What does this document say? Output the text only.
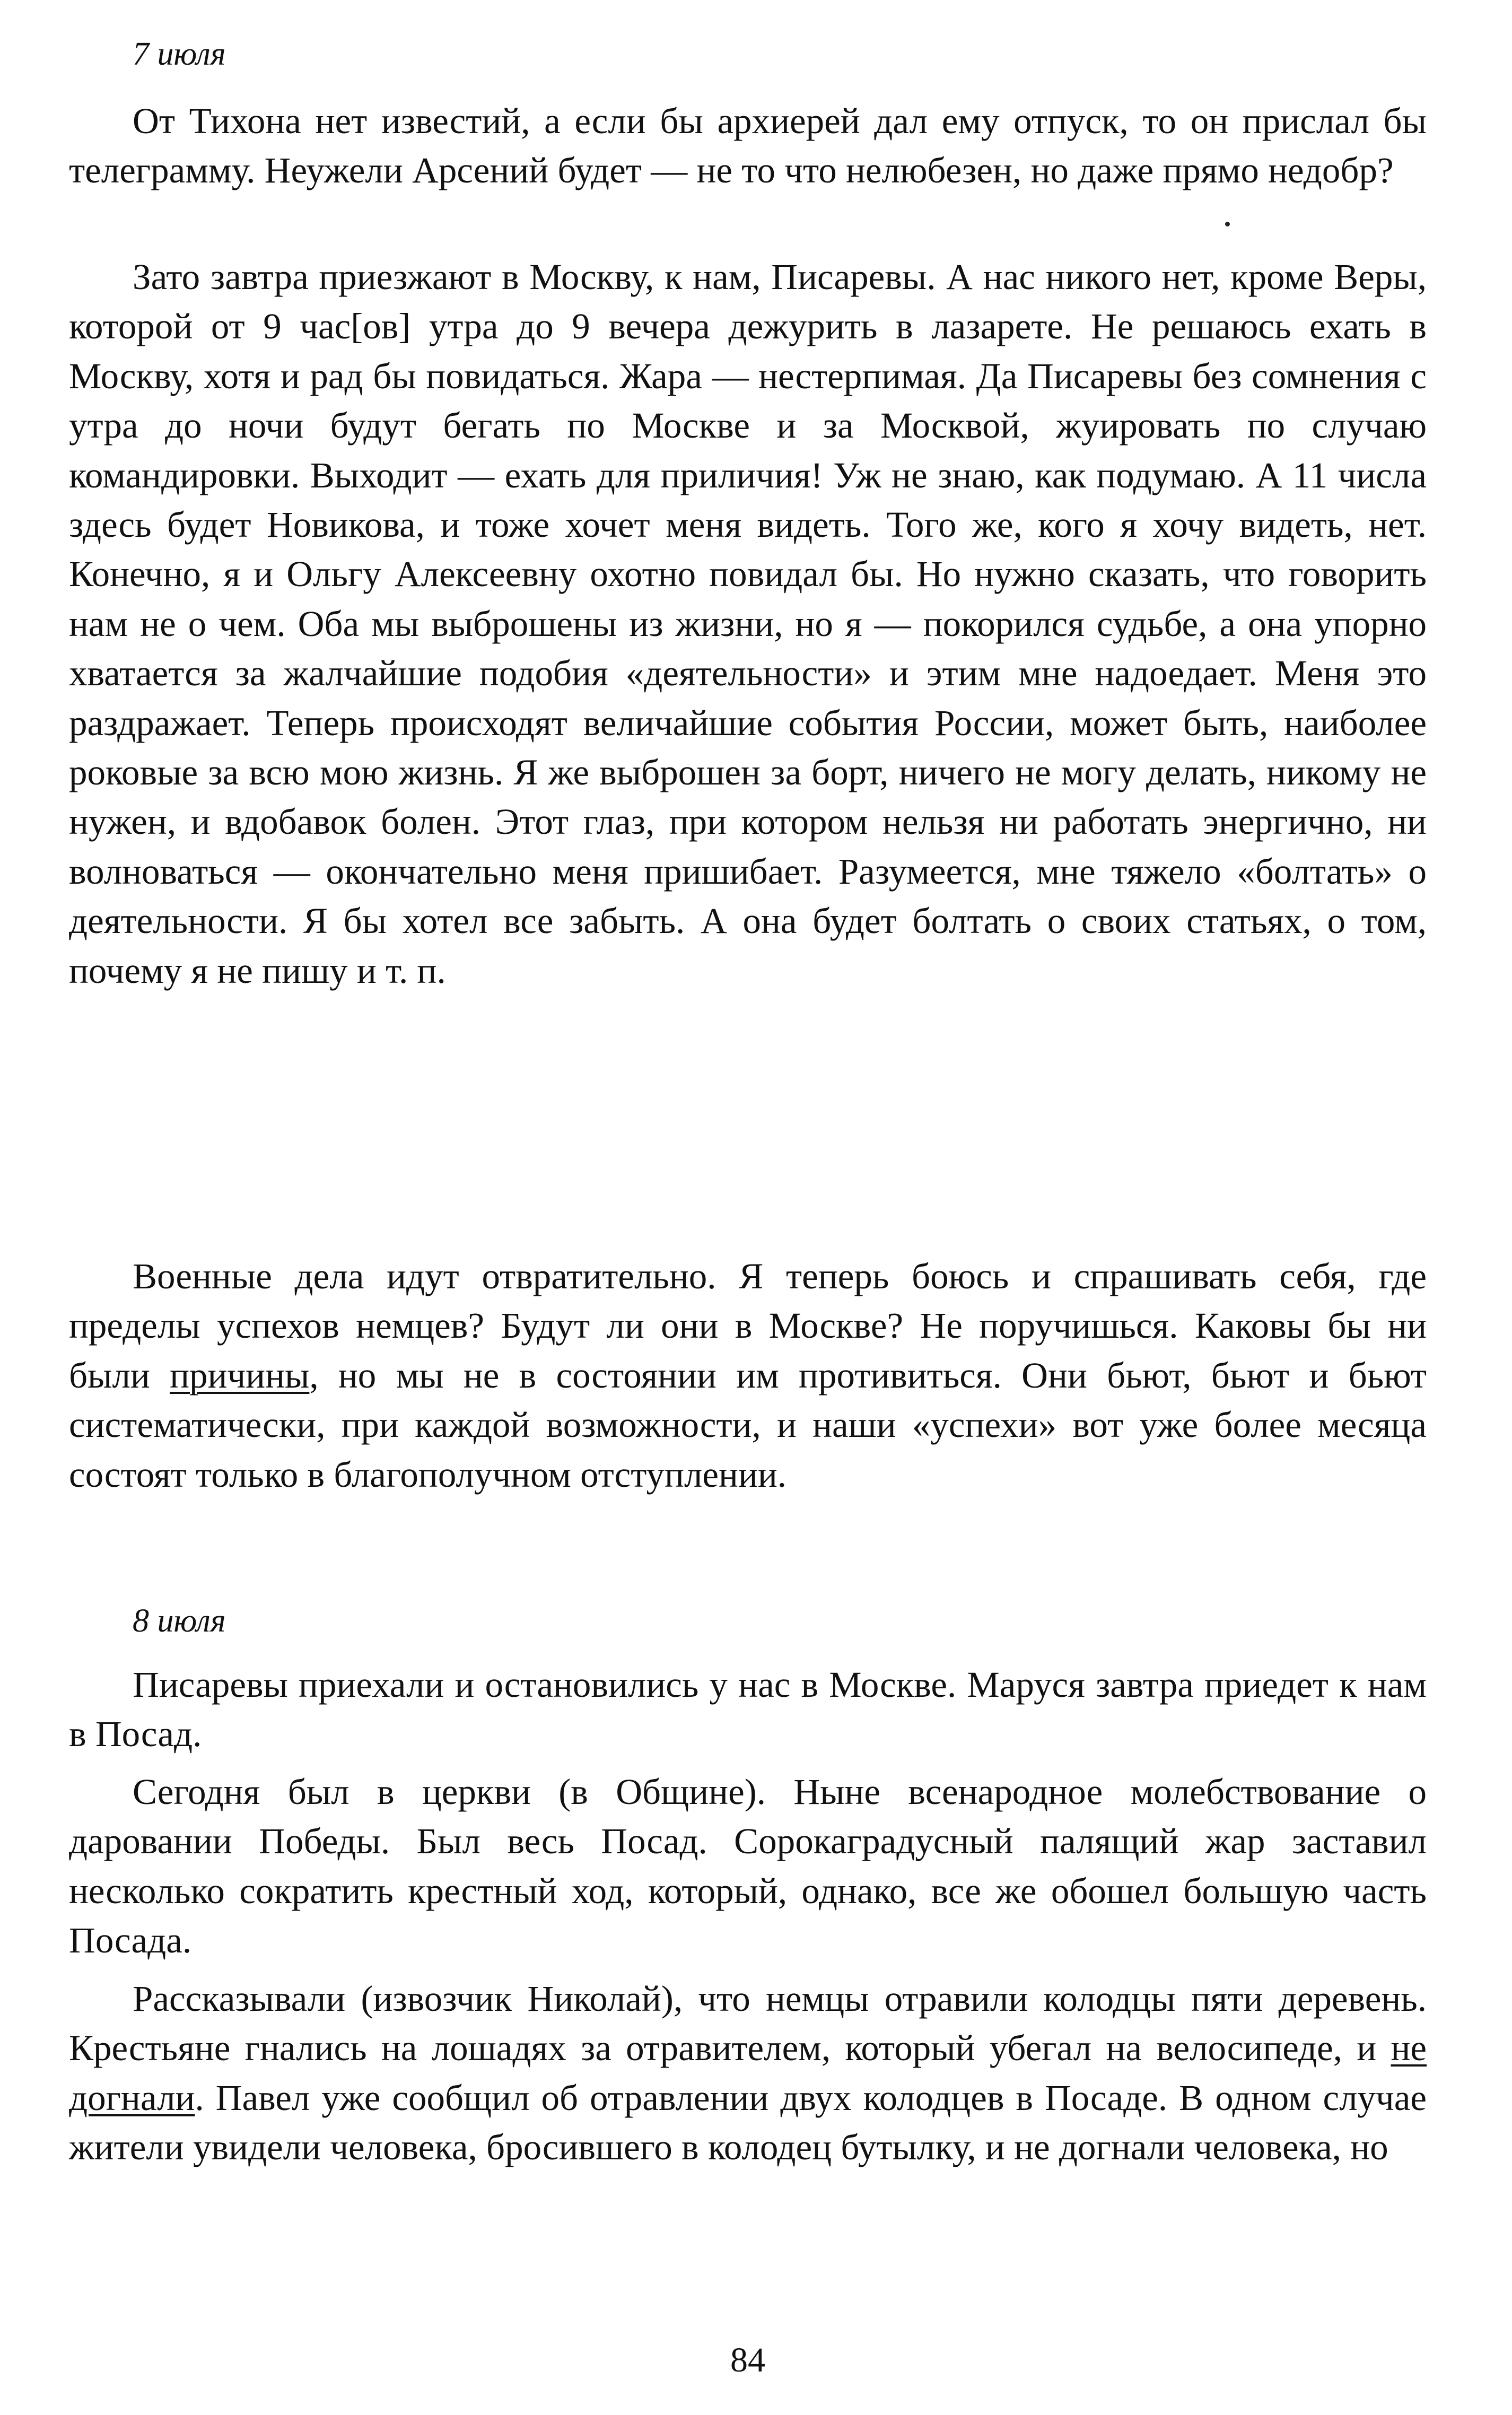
7 июля

От Тихона нет известий, а если бы архиерей дал ему отпуск, то он прислал бы телеграмму. Неужели Арсений будет — не то что нелюбезен, но даже прямо недобр?

Зато завтра приезжают в Москву, к нам, Писаревы. А нас никого нет, кроме Веры, которой от 9 час[ов] утра до 9 вечера дежурить в лазарете. Не решаюсь ехать в Москву, хотя и рад бы повидаться. Жара — нестерпимая. Да Писаревы без сомнения с утра до ночи будут бегать по Москве и за Москвой, жуировать по случаю командировки. Выходит — ехать для приличия! Уж не знаю, как подумаю. А 11 числа здесь будет Новикова, и тоже хочет меня видеть. Того же, кого я хочу видеть, нет. Конечно, я и Ольгу Алексеевну охотно повидал бы. Но нужно сказать, что говорить нам не о чем. Оба мы выброшены из жизни, но я — покорился судьбе, а она упорно хватается за жалчайшие подобия «деятельности» и этим мне надоедает. Меня это раздражает. Теперь происходят величайшие события России, может быть, наиболее роковые за всю мою жизнь. Я же выброшен за борт, ничего не могу делать, никому не нужен, и вдобавок болен. Этот глаз, при котором нельзя ни работать энергично, ни волноваться — окончательно меня пришибает. Разумеется, мне тяжело «болтать» о деятельности. Я бы хотел все забыть. А она будет болтать о своих статьях, о том, почему я не пишу и т. п.

Военные дела идут отвратительно. Я теперь боюсь и спрашивать себя, где пределы успехов немцев? Будут ли они в Москве? Не поручишься. Каковы бы ни были причины, но мы не в состоянии им противиться. Они бьют, бьют и бьют систематически, при каждой возможности, и наши «успехи» вот уже более месяца состоят только в благополучном отступлении.

8 июля

Писаревы приехали и остановились у нас в Москве. Маруся завтра приедет к нам в Посад.

Сегодня был в церкви (в Общине). Ныне всенародное молебствование о даровании Победы. Был весь Посад. Сорокаградусный палящий жар заставил несколько сократить крестный ход, который, однако, все же обошел большую часть Посада.

Рассказывали (извозчик Николай), что немцы отравили колодцы пяти деревень. Крестьяне гнались на лошадях за отравителем, который убегал на велосипеде, и не догнали. Павел уже сообщил об отравлении двух колодцев в Посаде. В одном случае жители увидели человека, бросившего в колодец бутылку, и не догнали человека, но

84
